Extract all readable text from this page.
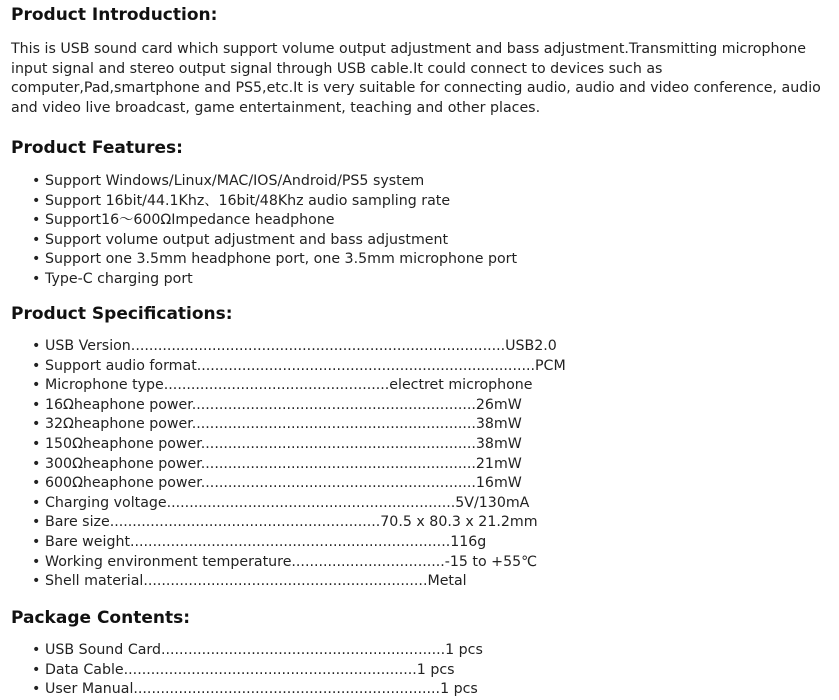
Product Introduction:

This is USB sound card which support volume output adjustment and bass adjustment.Transmitting microphone input signal and stereo output signal through USB cable.It could connect to devices such as computer,Pad,smartphone and PS5,etc.It is very suitable for connecting audio, audio and video conference, audio and video live broadcast, game entertainment, teaching and other places.

Product Features:
• Support Windows/Linux/MAC/IOS/Android/PS5 system
• Support 16bit/44.1Khz、16bit/48Khz audio sampling rate
• Support16～600ΩImpedance headphone
• Support volume output adjustment and bass adjustment
• Support one 3.5mm headphone port, one 3.5mm microphone port
• Type-C charging port
Product Specifications:
• USB Version...................................................................................USB2.0
• Support audio format...........................................................................PCM
• Microphone type..................................................electret microphone
• 16Ωheaphone power...............................................................26mW
• 32Ωheaphone power...............................................................38mW
• 150Ωheaphone power.............................................................38mW
• 300Ωheaphone power.............................................................21mW
• 600Ωheaphone power.............................................................16mW
• Charging voltage................................................................5V/130mA
• Bare size............................................................70.5 x 80.3 x 21.2mm
• Bare weight.......................................................................116g
• Working environment temperature..................................-15 to +55℃
• Shell material...............................................................Metal
Package Contents:
• USB Sound Card...............................................................1 pcs
• Data Cable.................................................................1 pcs
• User Manual....................................................................1 pcs
